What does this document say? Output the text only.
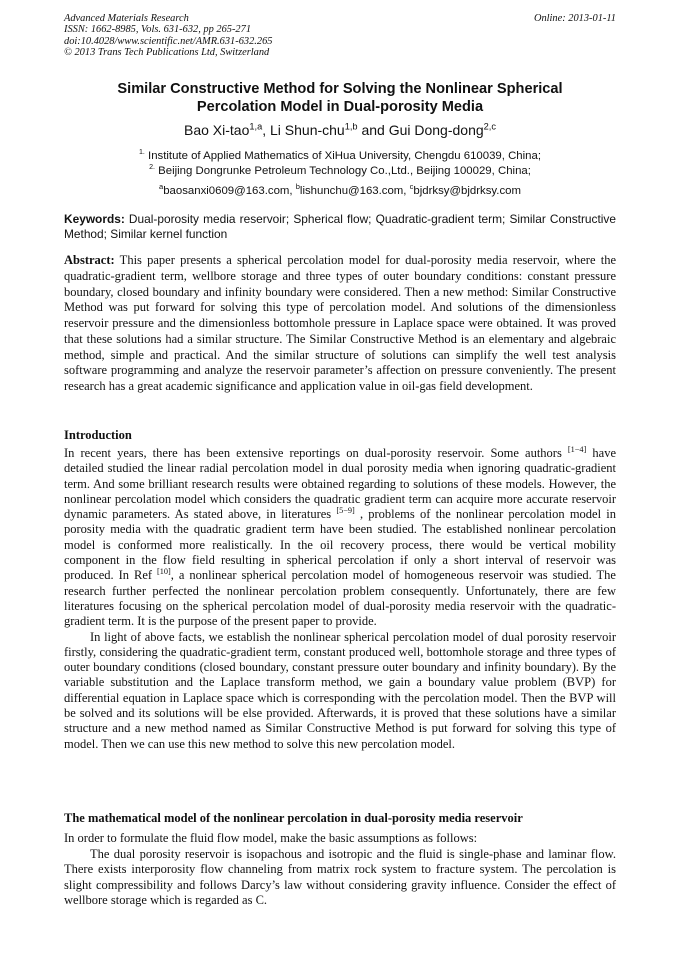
Advanced Materials Research
ISSN: 1662-8985, Vols. 631-632, pp 265-271
doi:10.4028/www.scientific.net/AMR.631-632.265
© 2013 Trans Tech Publications Ltd, Switzerland
Online: 2013-01-11
Similar Constructive Method for Solving the Nonlinear Spherical
Percolation Model in Dual-porosity Media
Bao Xi-tao$^{1,a}$, Li Shun-chu$^{1,b}$ and Gui Dong-dong$^{2,c}$
$^{1.}$ Institute of Applied Mathematics of XiHua University, Chengdu 610039, China;
$^{2.}$ Beijing Dongrunke Petroleum Technology Co.,Ltd., Beijing 100029, China;
$^a$baosanxi0609@163.com, $^b$lishunchu@163.com, $^c$bjdrksy@bjdrksy.com
Keywords: Dual-porosity media reservoir; Spherical flow; Quadratic-gradient term; Similar Constructive Method; Similar kernel function
Abstract: This paper presents a spherical percolation model for dual-porosity media reservoir, where the quadratic-gradient term, wellbore storage and three types of outer boundary conditions: constant pressure boundary, closed boundary and infinity boundary were considered. Then a new method: Similar Constructive Method was put forward for solving this type of percolation model. And solutions of the dimensionless reservoir pressure and the dimensionless bottomhole pressure in Laplace space were obtained. It was proved that these solutions had a similar structure. The Similar Constructive Method is an elementary and algebraic method, simple and practical. And the similar structure of solutions can simplify the well test analysis software programming and analyze the reservoir parameter’s affection on pressure conveniently. The present research has a great academic significance and application value in oil-gas field development.
Introduction

In recent years, there has been extensive reportings on dual-porosity reservoir. Some authors [1−4] have detailed studied the linear radial percolation model in dual porosity media when ignoring quadratic-gradient term. And some brilliant research results were obtained regarding to solutions of these models. However, the nonlinear percolation model which considers the quadratic gradient term can acquire more accurate reservoir dynamic parameters. As stated above, in literatures [5−9] , problems of the nonlinear percolation model in porosity media with the quadratic gradient term have been studied. The established nonlinear percolation model is conformed more realistically. In the oil recovery process, there would be vertical mobility component in the flow field resulting in spherical percolation if only a short interval of reservoir was produced. In Ref [10], a nonlinear spherical percolation model of homogeneous reservoir was studied. The research further perfected the nonlinear percolation problem consequently. Unfortunately, there are few literatures focusing on the spherical percolation model of dual-porosity media reservoir with the quadratic-gradient term. It is the purpose of the present paper to provide.

In light of above facts, we establish the nonlinear spherical percolation model of dual porosity reservoir firstly, considering the quadratic-gradient term, constant produced well, bottomhole storage and three types of outer boundary conditions (closed boundary, constant pressure outer boundary and infinity boundary). By the variable substitution and the Laplace transform method, we gain a boundary value problem (BVP) for differential equation in Laplace space which is corresponding with the percolation model. Then the BVP will be solved and its solutions will be else provided. Afterwards, it is proved that these solutions have a similar structure and a new method named as Similar Constructive Method is put forward for solving this type of model. Then we can use this new method to solve this new percolation model.

The mathematical model of the nonlinear percolation in dual-porosity media reservoir

In order to formulate the fluid flow model, make the basic assumptions as follows:

The dual porosity reservoir is isopachous and isotropic and the fluid is single-phase and laminar flow. There exists interporosity flow channeling from matrix rock system to fracture system. The percolation is slight compressibility and follows Darcy’s law without considering gravity influence. Consider the effect of wellbore storage which is regarded as C.
